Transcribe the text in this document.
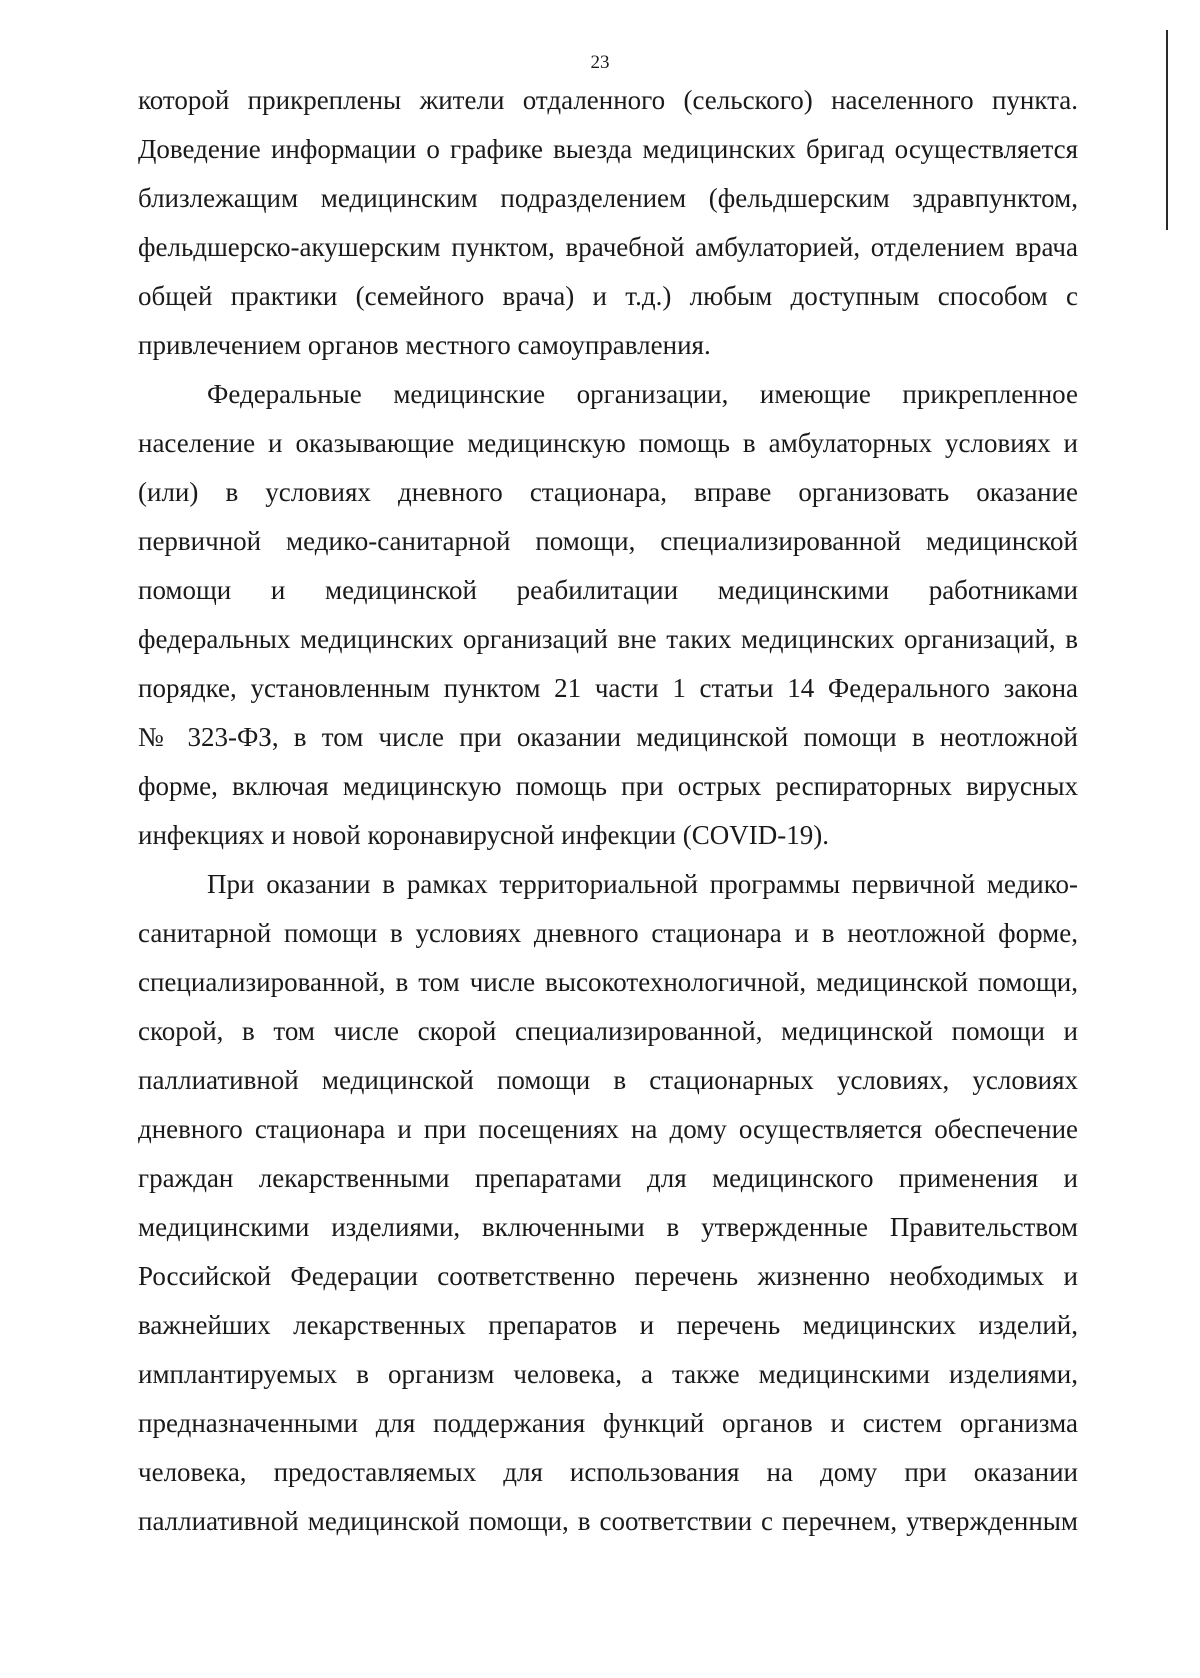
23
которой прикреплены жители отдаленного (сельского) населенного пункта.
Доведение информации о графике выезда медицинских бригад осуществляется
близлежащим медицинским подразделением (фельдшерским здравпунктом,
фельдшерско-акушерским пунктом, врачебной амбулаторией, отделением врача
общей практики (семейного врача) и т.д.) любым доступным способом с
привлечением органов местного самоуправления.
Федеральные медицинские организации, имеющие прикрепленное
население и оказывающие медицинскую помощь в амбулаторных условиях и
(или) в условиях дневного стационара, вправе организовать оказание
первичной медико-санитарной помощи, специализированной медицинской
помощи и медицинской реабилитации медицинскими работниками
федеральных медицинских организаций вне таких медицинских организаций, в
порядке, установленным пунктом 21 части 1 статьи 14 Федерального закона
№ 323-ФЗ, в том числе при оказании медицинской помощи в неотложной
форме, включая медицинскую помощь при острых респираторных вирусных
инфекциях и новой коронавирусной инфекции (COVID-19).
При оказании в рамках территориальной программы первичной медико-
санитарной помощи в условиях дневного стационара и в неотложной форме,
специализированной, в том числе высокотехнологичной, медицинской помощи,
скорой, в том числе скорой специализированной, медицинской помощи и
паллиативной медицинской помощи в стационарных условиях, условиях
дневного стационара и при посещениях на дому осуществляется обеспечение
граждан лекарственными препаратами для медицинского применения и
медицинскими изделиями, включенными в утвержденные Правительством
Российской Федерации соответственно перечень жизненно необходимых и
важнейших лекарственных препаратов и перечень медицинских изделий,
имплантируемых в организм человека, а также медицинскими изделиями,
предназначенными для поддержания функций органов и систем организма
человека, предоставляемых для использования на дому при оказании
паллиативной медицинской помощи, в соответствии с перечнем, утвержденным
